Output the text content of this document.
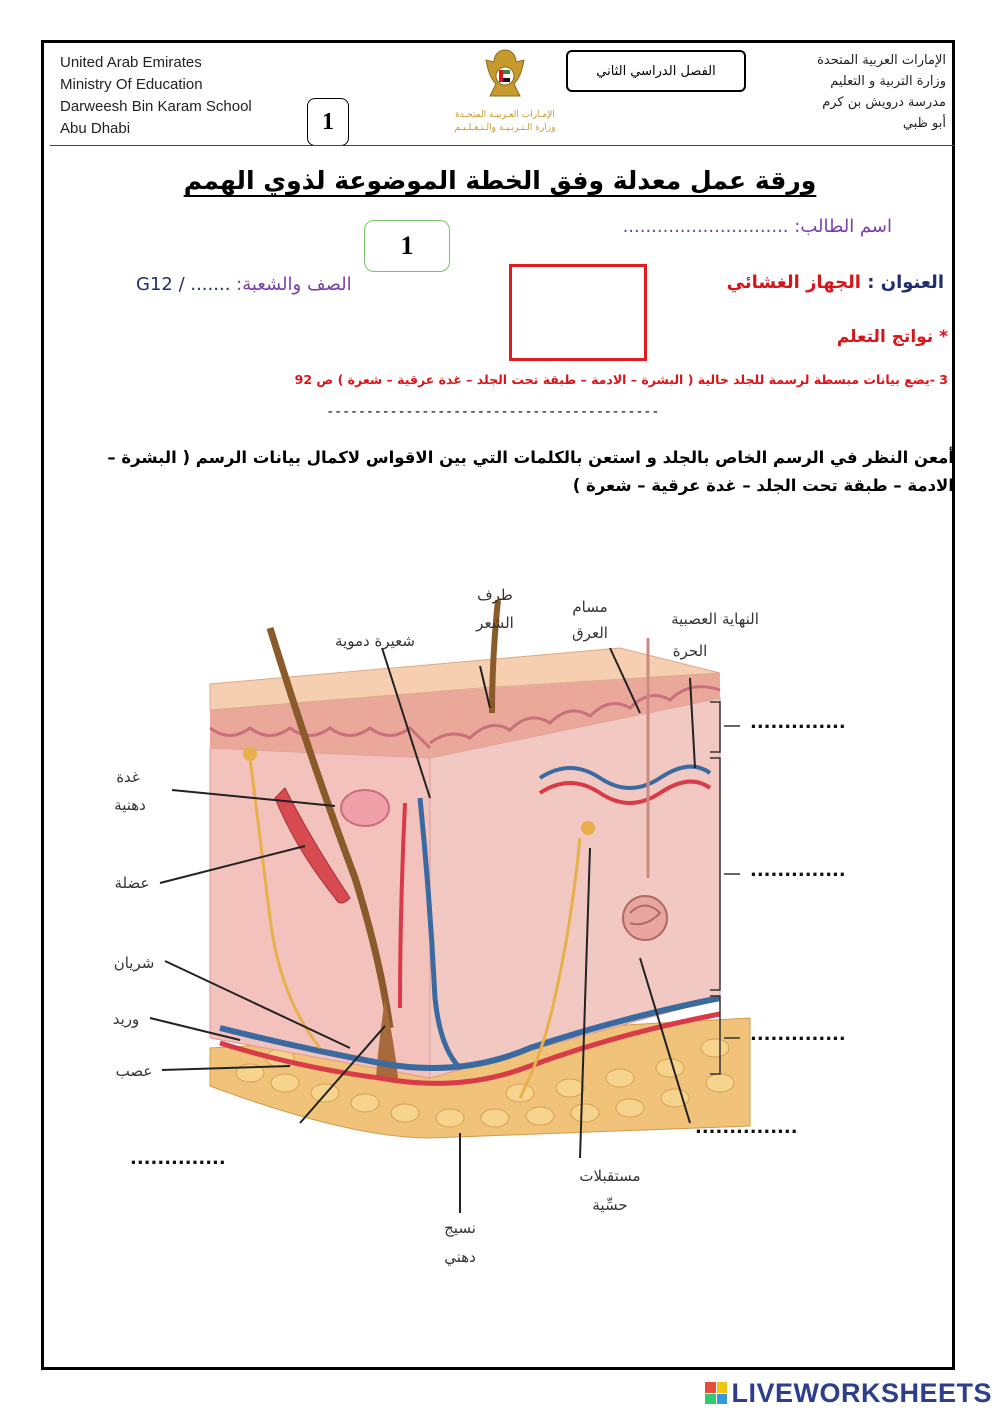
United Arab Emirates
Ministry Of Education
Darweesh Bin Karam School
Abu Dhabi	1	الإمـارات العـربيـة المتحـدة
وزارة الـتـربـيـة والـتـعـلـيـم
الفصل الدراسي الثاني
الإمارات العربية المتحدة
وزارة التربية و التعليم
مدرسة درويش بن كرم
أبو ظبي
ورقة عمل معدلة وفق الخطة الموضوعة لذوي الهمم
اسم الطالب: .............................
1
العنوان : الجهاز الغشائي
الصف والشعبة: ....... / G12
* نواتج التعلم
3 -يضع بيانات مبسطة لرسمة للجلد خالية ( البشرة – الادمة – طبقة تحت الجلد – غدة عرقية – شعرة ) ص 92
------------------------------------------
أمعن النظر في الرسم الخاص بالجلد و استعن بالكلمات التي بين الاقواس لاكمال بيانات الرسم ( البشرة –
الادمة – طبقة تحت الجلد – غدة عرقية – شعرة )
النهاية العصبية
الحرة
مسام
العرق
طرف
الشعر
شعيرة دموية
غدة
دهنية
عضلة
شريان
وريد
عصب
نسيج
دهني
مستقبلات
حسِّية
..............
..............
..............
...............
..............
LIVEWORKSHEETS
